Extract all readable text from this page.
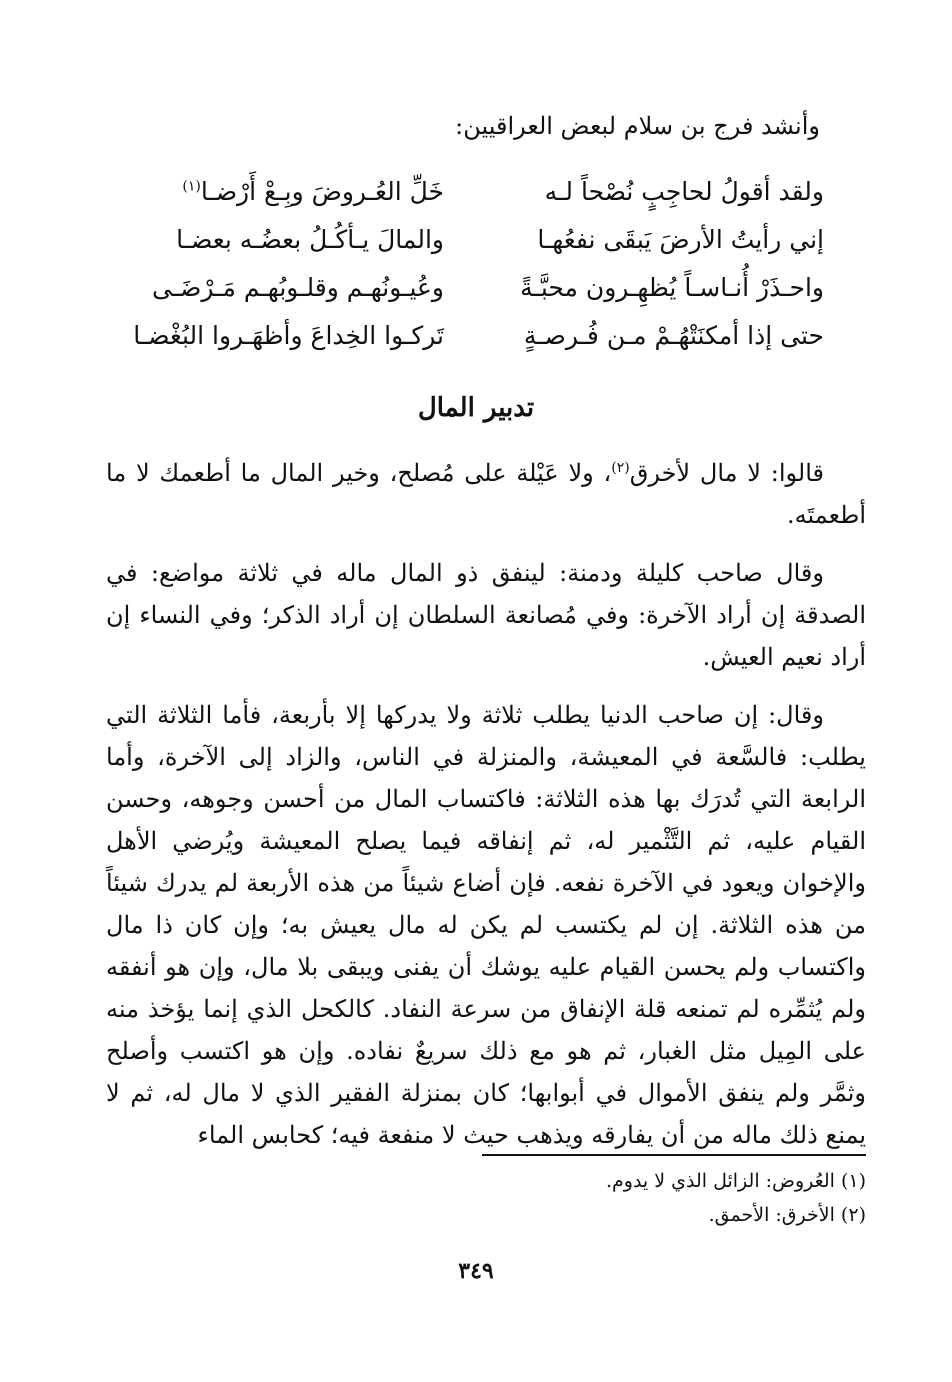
وأنشد فرج بن سلام لبعض العراقيين:

ولقد أقولُ لحاجِبٍ نُصْحاً لـه
خَلِّ العُـروضَ وبِـعْ أَرْضـا$^{(١)}$
إني رأيتُ الأرضَ يَبقَى نفعُهـا
والمالَ يـأكُـلُ بعضُـه بعضـا
واحـذَرْ أُنـاسـاً يُظهِـرون محبَّـةً
وعُيـونُهـم وقلـوبُهـم مَـرْضَـى
حتى إذا أمكنَتْهُـمْ مـن فُـرصـةٍ
تَركـوا الخِداعَ وأظهَـروا البُغْضـا
تدبير المال

قالوا: لا مال لأخرق$^{(٢)}$، ولا عَيْلة على مُصلح، وخير المال ما أطعمك لا ما أطعمتَه.

وقال صاحب كليلة ودمنة: لينفق ذو المال ماله في ثلاثة مواضع: في الصدقة إن أراد الآخرة: وفي مُصانعة السلطان إن أراد الذكر؛ وفي النساء إن أراد نعيم العيش.

وقال: إن صاحب الدنيا يطلب ثلاثة ولا يدركها إلا بأربعة، فأما الثلاثة التي يطلب: فالسَّعة في المعيشة، والمنزلة في الناس، والزاد إلى الآخرة، وأما الرابعة التي تُدرَك بها هذه الثلاثة: فاكتساب المال من أحسن وجوهه، وحسن القيام عليه، ثم التَّثْمير له، ثم إنفاقه فيما يصلح المعيشة ويُرضي الأهل والإخوان ويعود في الآخرة نفعه. فإن أضاع شيئاً من هذه الأربعة لم يدرك شيئاً من هذه الثلاثة. إن لم يكتسب لم يكن له مال يعيش به؛ وإن كان ذا مال واكتساب ولم يحسن القيام عليه يوشك أن يفنى ويبقى بلا مال، وإن هو أنفقه ولم يُثمِّره لم تمنعه قلة الإنفاق من سرعة النفاد. كالكحل الذي إنما يؤخذ منه على المِيل مثل الغبار، ثم هو مع ذلك سريعٌ نفاده. وإن هو اكتسب وأصلح وثمَّر ولم ينفق الأموال في أبوابها؛ كان بمنزلة الفقير الذي لا مال له، ثم لا يمنع ذلك ماله من أن يفارقه ويذهب حيث لا منفعة فيه؛ كحابس الماء

(١) العُروض: الزائل الذي لا يدوم.

(٢) الأخرق: الأحمق.

٣٤٩
